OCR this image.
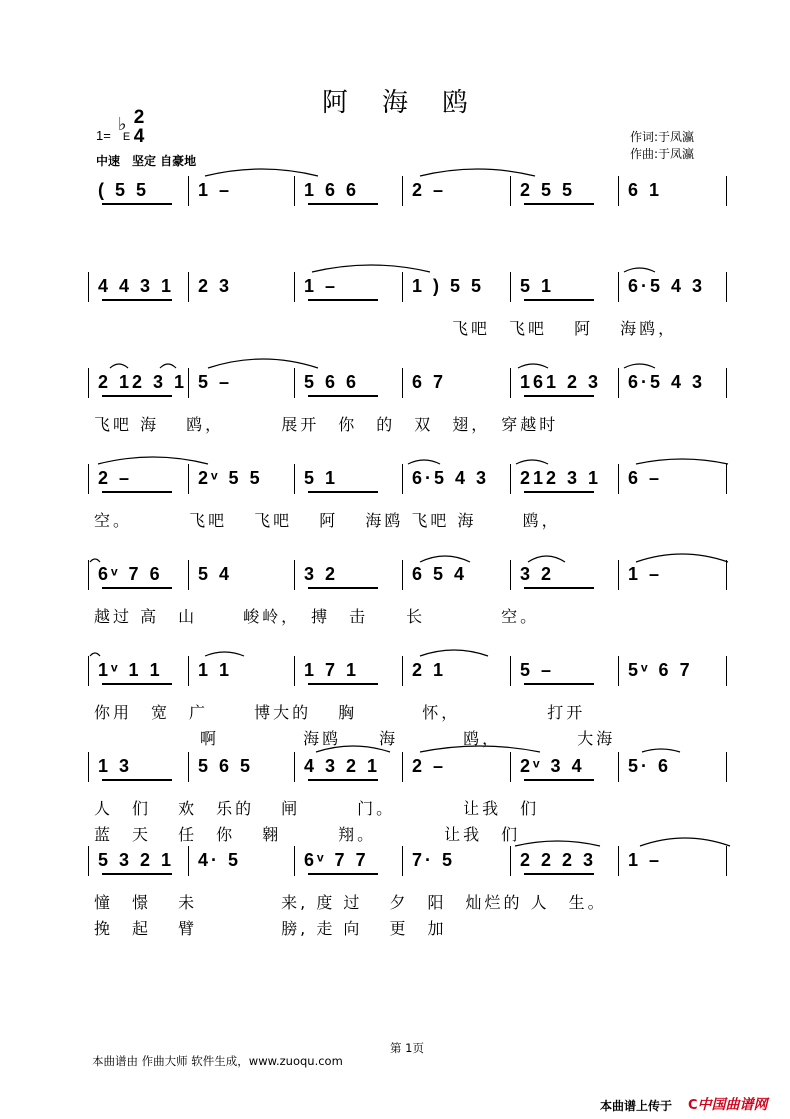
阿海鸥
1= E
♭ 2
4
中速　坚定 自豪地
作词:于凤瀛
作曲:于凤瀛
( 5 5	1 –	1 6 6	2 –	2 5 5	6 1
4 4 3 1 2 3	1 –	1 ) 5 5 5 1	6·5 4 3
飞吧　飞吧　 阿　 海鸥，
2 12 3 1 5 –	5 6 6	6 7	161 2 3 6·5 4 3
飞吧 海　 鸥，　　　 展开　你　的　双　翅，　穿越时
2 –	2ᵛ 5 5 5 1	6·5 4 3 212 3 1 6 –
空。　　　 飞吧　 飞吧　 阿　 海鸥 飞吧 海　　 鸥，
6ᵛ 7 6 5 4	3 2	6 5 4	3 2	1 –
越过 高　山　　 峻岭，　搏　击　　长　　　　空。
1ᵛ 1 1 1 1	1 7 1	2 1	5 –	5ᵛ 6 7
你用　宽　广　　 博大的　 胸　　　 怀，　　　　　打开
啊　　　　 海鸥　　海　　　 鸥，　　　　 大海
1 3	5 6 5	4 3 2 1 2 –	2ᵛ 3 4 5· 6
人　们　 欢　乐的　 闸　　　门。　　　　让我　们
蓝　天　 任　你　 翱　　　翔。　　　　让我　们
5 3 2 1 4· 5	6ᵛ 7 7 7· 5	2 2 2 3 1 –
憧　憬　 未　　　　 来, 度 过　 夕　阳　灿烂的 人　生。
挽　起　 臂　　　　 膀, 走 向　 更　加
本曲谱由 作曲大师 软件生成，www.zuoqu.com
第 1页
本曲谱上传于 C中国曲谱网
